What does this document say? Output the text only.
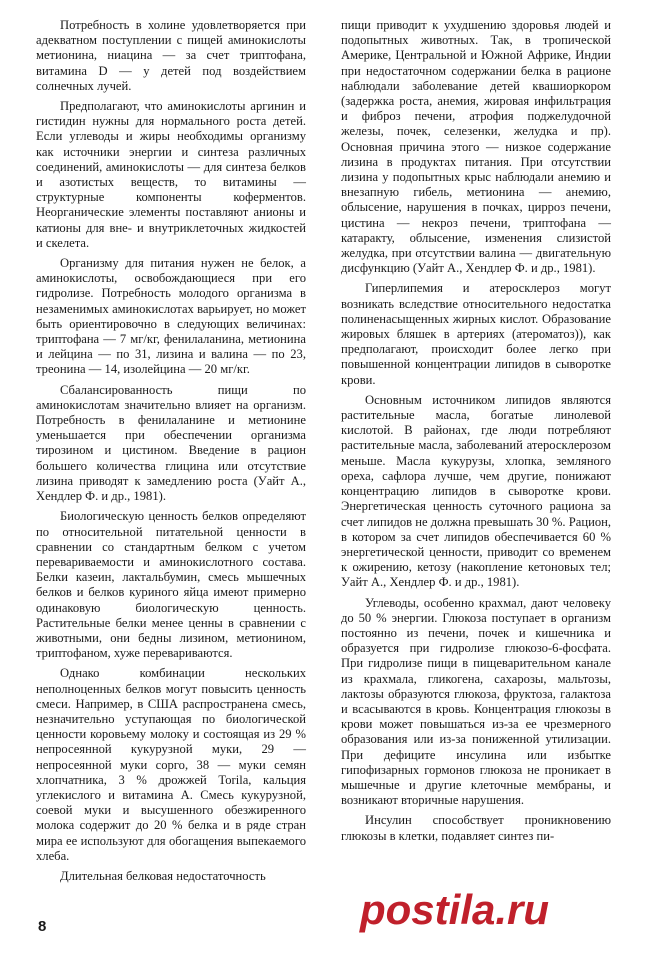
Потребность в холине удовлетворяется при адекватном поступлении с пищей аминокислоты метионина, ниацина — за счет триптофана, витамина D — у детей под воздействием солнечных лучей.

Предполагают, что аминокислоты аргинин и гистидин нужны для нормального роста детей. Если углеводы и жиры необходимы организму как источники энергии и синтеза различных соединений, аминокислоты — для синтеза белков и азотистых веществ, то витамины — структурные компоненты коферментов. Неорганические элементы поставляют анионы и катионы для вне- и внутриклеточных жидкостей и скелета.

Организму для питания нужен не белок, а аминокислоты, освобождающиеся при его гидролизе. Потребность молодого организма в незаменимых аминокислотах варьирует, но может быть ориентировочно в следующих величинах: триптофана — 7 мг/кг, фенилаланина, метионина и лейцина — по 31, лизина и валина — по 23, треонина — 14, изолейцина — 20 мг/кг.

Сбалансированность пищи по аминокислотам значительно влияет на организм. Потребность в фенилаланине и метионине уменьшается при обеспечении организма тирозином и цистином. Введение в рацион большего количества глицина или отсутствие лизина приводят к замедлению роста (Уайт А., Хендлер Ф. и др., 1981).

Биологическую ценность белков определяют по относительной питательной ценности в сравнении со стандартным белком с учетом перевариваемости и аминокислотного состава. Белки казеин, лактальбумин, смесь мышечных белков и белков куриного яйца имеют примерно одинаковую биологическую ценность. Растительные белки менее ценны в сравнении с животными, они бедны лизином, метионином, триптофаном, хуже перевариваются.

Однако комбинации нескольких неполноценных белков могут повысить ценность смеси. Например, в США распространена смесь, незначительно уступающая по биологической ценности коровьему молоку и состоящая из 29 % непросеянной кукурузной муки, 29 — непросеянной муки сорго, 38 — муки семян хлопчатника, 3 % дрожжей Torila, кальция углекислого и витамина А. Смесь кукурузной, соевой муки и высушенного обезжиренного молока содержит до 20 % белка и в ряде стран мира ее используют для обогащения выпекаемого хлеба.

Длительная белковая недостаточность

пищи приводит к ухудшению здоровья людей и подопытных животных. Так, в тропической Америке, Центральной и Южной Африке, Индии при недостаточном содержании белка в рационе наблюдали заболевание детей квашиоркором (задержка роста, анемия, жировая инфильтрация и фиброз печени, атрофия поджелудочной железы, почек, селезенки, желудка и пр). Основная причина этого — низкое содержание лизина в продуктах питания. При отсутствии лизина у подопытных крыс наблюдали анемию и внезапную гибель, метионина — анемию, облысение, нарушения в почках, цирроз печени, цистина — некроз печени, триптофана — катаракту, облысение, изменения слизистой желудка, при отсутствии валина — двигательную дисфункцию (Уайт А., Хендлер Ф. и др., 1981).

Гиперлипемия и атеросклероз могут возникать вследствие относительного недостатка полиненасыщенных жирных кислот. Образование жировых бляшек в артериях (атероматоз)), как предполагают, происходит более легко при повышенной концентрации липидов в сыворотке крови.

Основным источником липидов являются растительные масла, богатые линолевой кислотой. В районах, где люди потребляют растительные масла, заболеваний атеросклерозом меньше. Масла кукурузы, хлопка, земляного ореха, сафлора лучше, чем другие, понижают концентрацию липидов в сыворотке крови. Энергетическая ценность суточного рациона за счет липидов не должна превышать 30 %. Рацион, в котором за счет липидов обеспечивается 60 % энергетической ценности, приводит со временем к ожирению, кетозу (накопление кетоновых тел; Уайт А., Хендлер Ф. и др., 1981).

Углеводы, особенно крахмал, дают человеку до 50 % энергии. Глюкоза поступает в организм постоянно из печени, почек и кишечника и образуется при гидролизе глюкозо-6-фосфата. При гидролизе пищи в пищеварительном канале из крахмала, гликогена, сахарозы, мальтозы, лактозы образуются глюкоза, фруктоза, галактоза и всасываются в кровь. Концентрация глюкозы в крови может повышаться из-за ее чрезмерного образования или из-за пониженной утилизации. При дефиците инсулина или избытке гипофизарных гормонов глюкоза не проникает в мышечные и другие клеточные мембраны, и возникают вторичные нарушения.

Инсулин способствует проникновению глюкозы в клетки, подавляет синтез пи-

8	postila.ru
